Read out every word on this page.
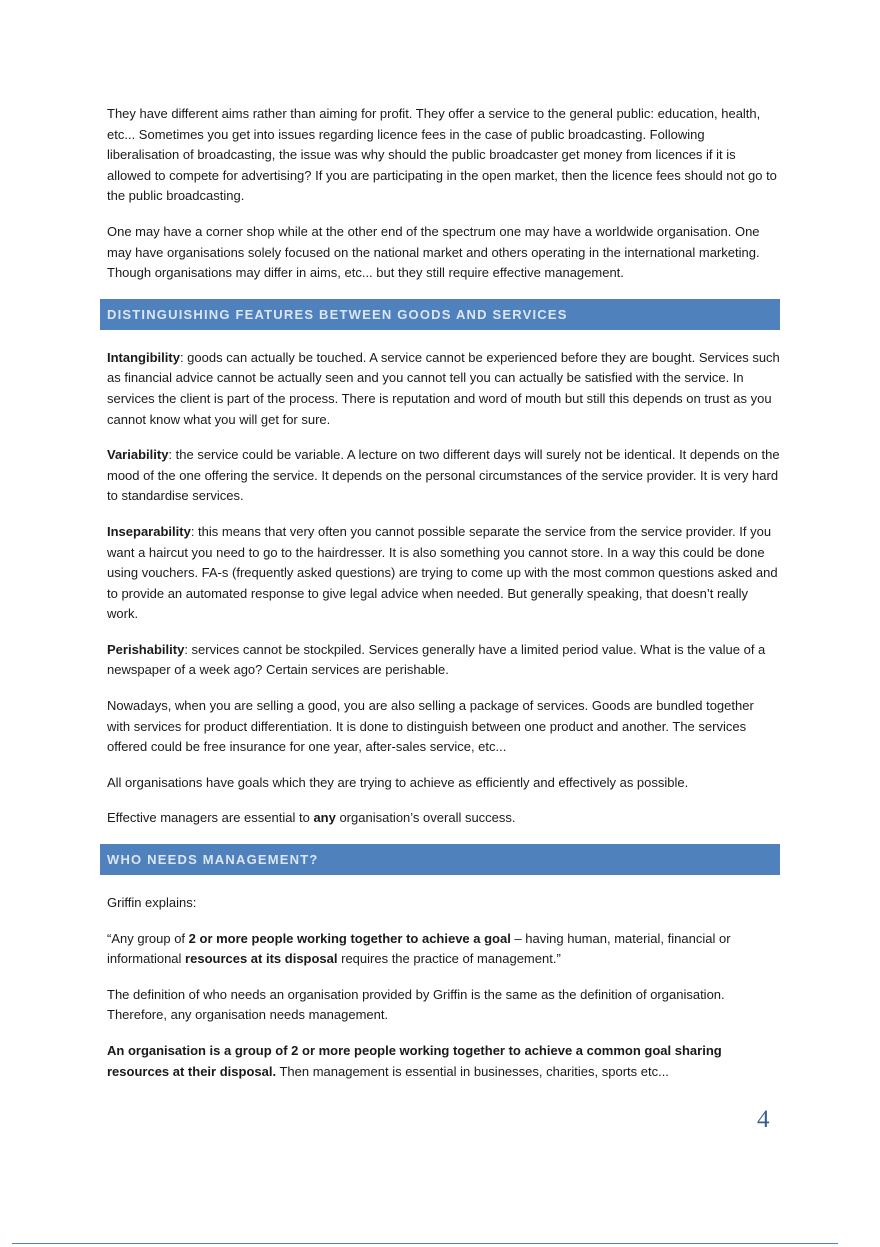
They have different aims rather than aiming for profit. They offer a service to the general public: education, health, etc... Sometimes you get into issues regarding licence fees in the case of public broadcasting. Following liberalisation of broadcasting, the issue was why should the public broadcaster get money from licences if it is allowed to compete for advertising? If you are participating in the open market, then the licence fees should not go to the public broadcasting.

One may have a corner shop while at the other end of the spectrum one may have a worldwide organisation. One may have organisations solely focused on the national market and others operating in the international marketing. Though organisations may differ in aims, etc... but they still require effective management.

DISTINGUISHING FEATURES BETWEEN GOODS AND SERVICES

Intangibility: goods can actually be touched. A service cannot be experienced before they are bought. Services such as financial advice cannot be actually seen and you cannot tell you can actually be satisfied with the service. In services the client is part of the process. There is reputation and word of mouth but still this depends on trust as you cannot know what you will get for sure.

Variability: the service could be variable. A lecture on two different days will surely not be identical. It depends on the mood of the one offering the service. It depends on the personal circumstances of the service provider. It is very hard to standardise services.

Inseparability: this means that very often you cannot possible separate the service from the service provider. If you want a haircut you need to go to the hairdresser. It is also something you cannot store. In a way this could be done using vouchers. FA-s (frequently asked questions) are trying to come up with the most common questions asked and to provide an automated response to give legal advice when needed. But generally speaking, that doesn’t really work.

Perishability: services cannot be stockpiled. Services generally have a limited period value. What is the value of a newspaper of a week ago? Certain services are perishable.

Nowadays, when you are selling a good, you are also selling a package of services. Goods are bundled together with services for product differentiation. It is done to distinguish between one product and another. The services offered could be free insurance for one year, after-sales service, etc...

All organisations have goals which they are trying to achieve as efficiently and effectively as possible.

Effective managers are essential to any organisation’s overall success.

WHO NEEDS MANAGEMENT?

Griffin explains:

“Any group of 2 or more people working together to achieve a goal – having human, material, financial or informational resources at its disposal requires the practice of management.”

The definition of who needs an organisation provided by Griffin is the same as the definition of organisation. Therefore, any organisation needs management.

An organisation is a group of 2 or more people working together to achieve a common goal sharing resources at their disposal. Then management is essential in businesses, charities, sports etc...

4
